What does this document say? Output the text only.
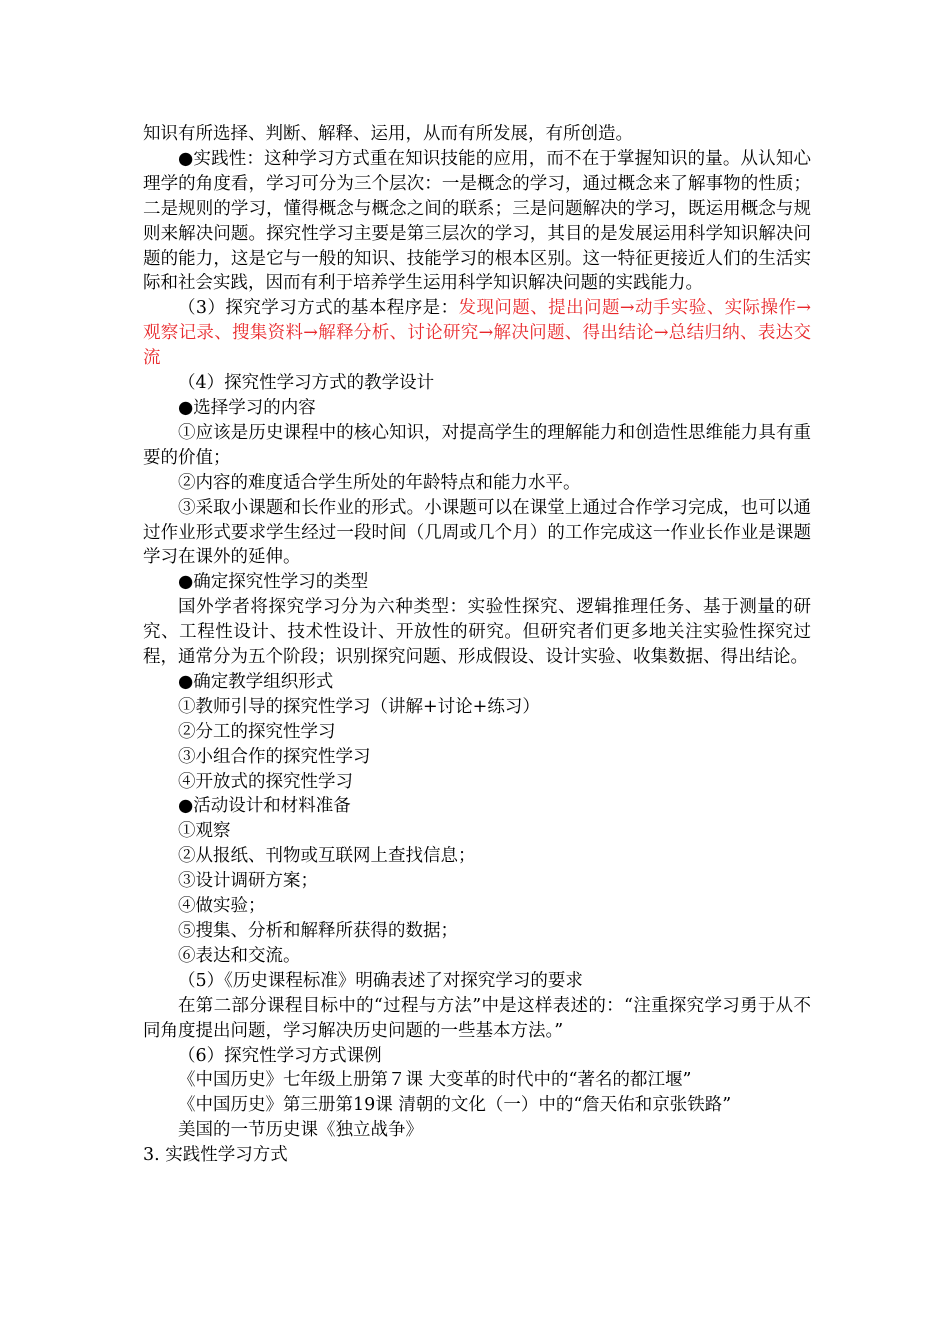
知识有所选择、判断、解释、运用，从而有所发展，有所创造。

●实践性：这种学习方式重在知识技能的应用，而不在于掌握知识的量。从认知心理学的角度看，学习可分为三个层次：一是概念的学习，通过概念来了解事物的性质；二是规则的学习，懂得概念与概念之间的联系；三是问题解决的学习，既运用概念与规则来解决问题。探究性学习主要是第三层次的学习，其目的是发展运用科学知识解决问题的能力，这是它与一般的知识、技能学习的根本区别。这一特征更接近人们的生活实际和社会实践，因而有利于培养学生运用科学知识解决问题的实践能力。

（3）探究学习方式的基本程序是：发现问题、提出问题→动手实验、实际操作→观察记录、搜集资料→解释分析、讨论研究→解决问题、得出结论→总结归纳、表达交流

（4）探究性学习方式的教学设计

●选择学习的内容

①应该是历史课程中的核心知识，对提高学生的理解能力和创造性思维能力具有重要的价值；

②内容的难度适合学生所处的年龄特点和能力水平。

③采取小课题和长作业的形式。小课题可以在课堂上通过合作学习完成，也可以通过作业形式要求学生经过一段时间（几周或几个月）的工作完成这一作业长作业是课题学习在课外的延伸。

●确定探究性学习的类型

国外学者将探究学习分为六种类型：实验性探究、逻辑推理任务、基于测量的研究、工程性设计、技术性设计、开放性的研究。但研究者们更多地关注实验性探究过程，通常分为五个阶段；识别探究问题、形成假设、设计实验、收集数据、得出结论。

●确定教学组织形式

①教师引导的探究性学习（讲解+讨论+练习）

②分工的探究性学习

③小组合作的探究性学习

④开放式的探究性学习

●活动设计和材料准备

①观察

②从报纸、刊物或互联网上查找信息；

③设计调研方案；

④做实验；

⑤搜集、分析和解释所获得的数据；

⑥表达和交流。

（5）《历史课程标准》明确表述了对探究学习的要求

在第二部分课程目标中的“过程与方法”中是这样表述的：“注重探究学习勇于从不同角度提出问题，学习解决历史问题的一些基本方法。”

（6）探究性学习方式课例

《中国历史》七年级上册第７课 大变革的时代中的“著名的都江堰”

《中国历史》第三册第19课 清朝的文化（一）中的“詹天佑和京张铁路”

美国的一节历史课《独立战争》

3. 实践性学习方式
